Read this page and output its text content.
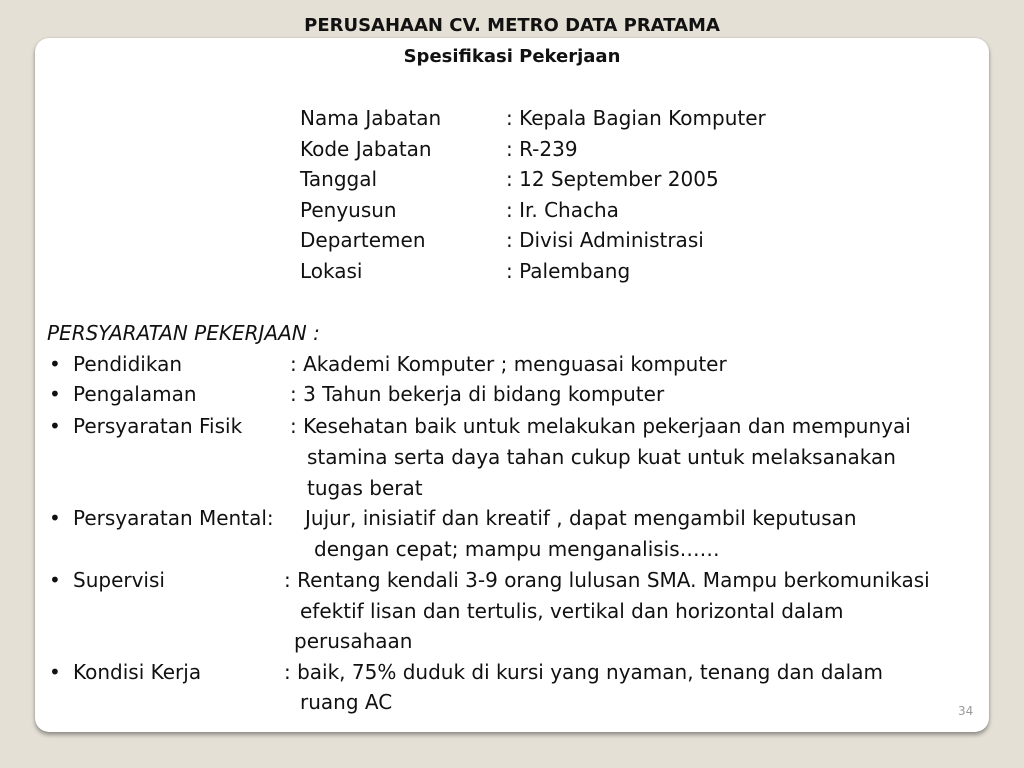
PERUSAHAAN CV. METRO DATA PRATAMA
Spesifikasi Pekerjaan
Nama Jabatan	: Kepala Bagian Komputer
Kode Jabatan	: R-239
Tanggal	: 12 September 2005
Penyusun	: Ir. Chacha
Departemen	: Divisi Administrasi
Lokasi	: Palembang
PERSYARATAN PEKERJAAN :
• Pendidikan	: Akademi Komputer ; menguasai komputer
• Pengalaman	: 3 Tahun bekerja di bidang komputer
• Persyaratan Fisik : Kesehatan baik untuk melakukan pekerjaan dan mempunyai
stamina serta daya tahan cukup kuat untuk melaksanakan
tugas berat
• Persyaratan Mental: Jujur, inisiatif dan kreatif , dapat mengambil keputusan
dengan cepat; mampu menganalisis……
• Supervisi	: Rentang kendali 3-9 orang lulusan SMA. Mampu berkomunikasi
efektif lisan dan tertulis, vertikal dan horizontal dalam
perusahaan
• Kondisi Kerja	: baik, 75% duduk di kursi yang nyaman, tenang dan dalam
ruang AC	34
